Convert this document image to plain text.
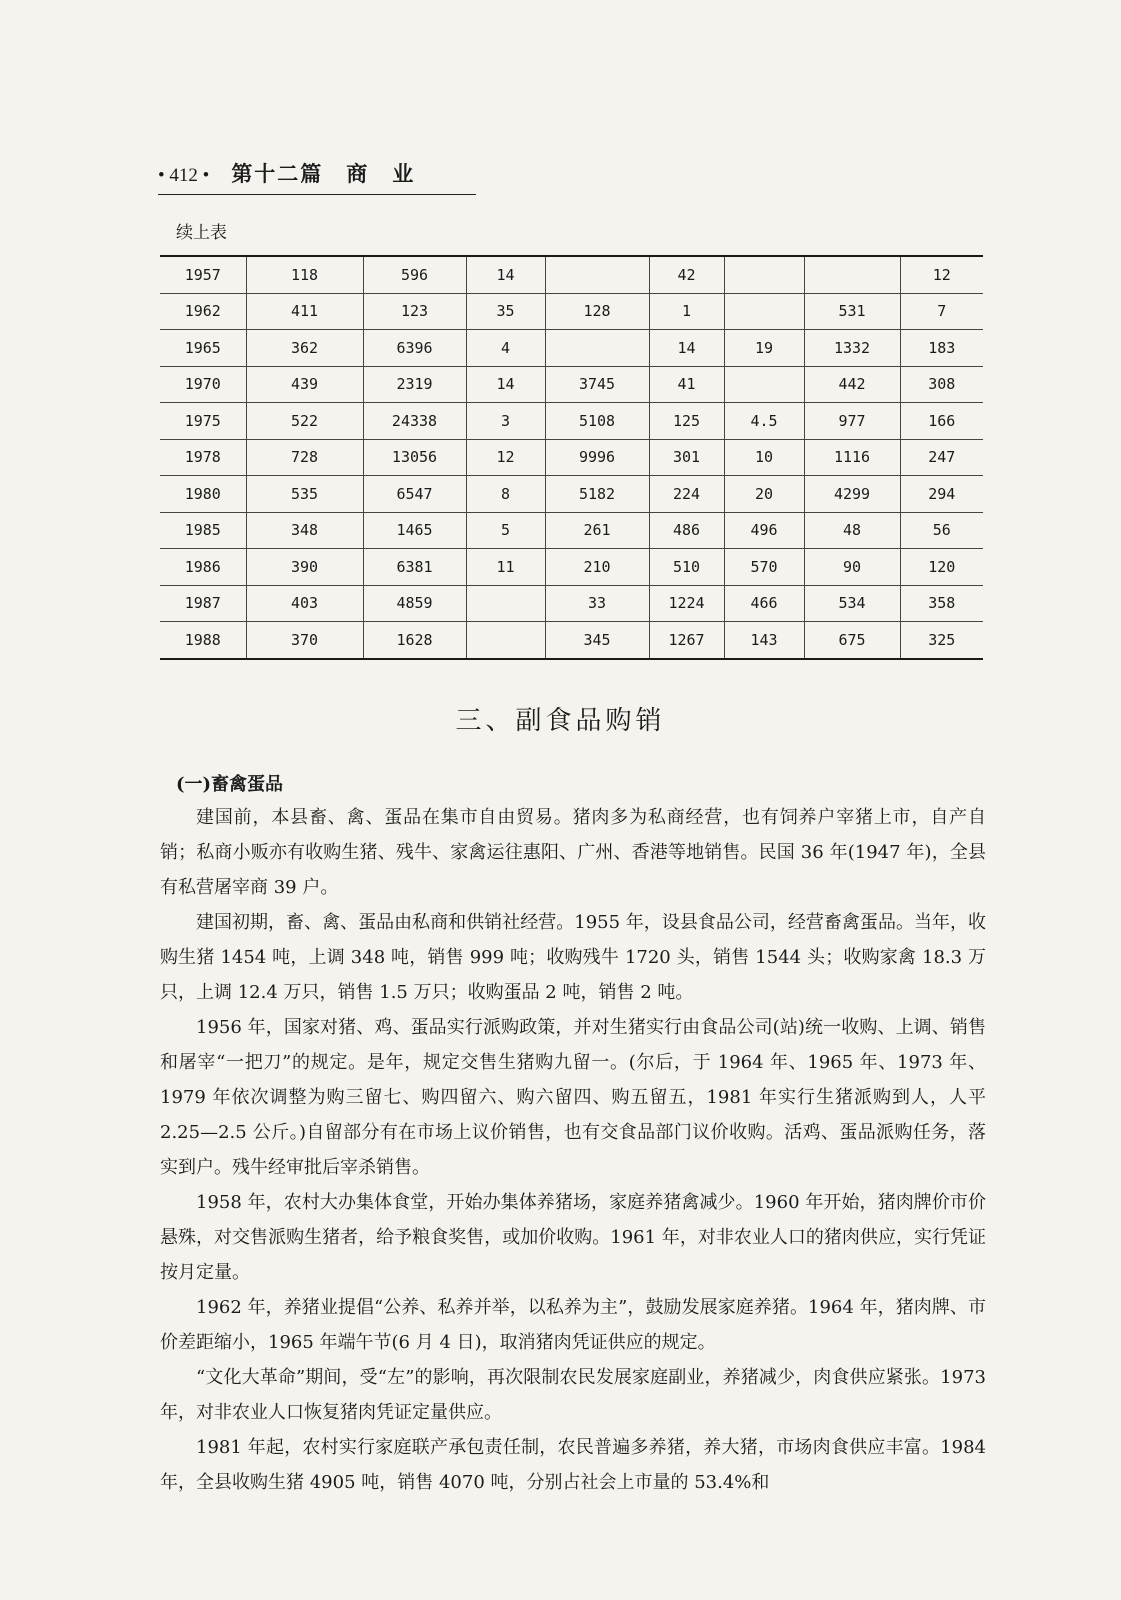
• 412 • 第十二篇　商　业
续上表
1957	118	596	14		42			12
1962	411	123	35	128	1		531	7
1965	362	6396	4		14	19	1332	183
1970	439	2319	14	3745	41		442	308
1975	522	24338	3	5108	125	4.5	977	166
1978	728	13056	12	9996	301	10	1116	247
1980	535	6547	8	5182	224	20	4299	294
1985	348	1465	5	261	486	496	48	56
1986	390	6381	11	210	510	570	90	120
1987	403	4859		33	1224	466	534	358
1988	370	1628		345	1267	143	675	325
三、副食品购销
(一)畜禽蛋品

建国前，本县畜、禽、蛋品在集市自由贸易。猪肉多为私商经营，也有饲养户宰猪上市，自产自销；私商小贩亦有收购生猪、残牛、家禽运往惠阳、广州、香港等地销售。民国 36 年(1947 年)，全县有私营屠宰商 39 户。

建国初期，畜、禽、蛋品由私商和供销社经营。1955 年，设县食品公司，经营畜禽蛋品。当年，收购生猪 1454 吨，上调 348 吨，销售 999 吨；收购残牛 1720 头，销售 1544 头；收购家禽 18.3 万只，上调 12.4 万只，销售 1.5 万只；收购蛋品 2 吨，销售 2 吨。

1956 年，国家对猪、鸡、蛋品实行派购政策，并对生猪实行由食品公司(站)统一收购、上调、销售和屠宰“一把刀”的规定。是年，规定交售生猪购九留一。(尔后，于 1964 年、1965 年、1973 年、1979 年依次调整为购三留七、购四留六、购六留四、购五留五，1981 年实行生猪派购到人，人平 2.25—2.5 公斤。)自留部分有在市场上议价销售，也有交食品部门议价收购。活鸡、蛋品派购任务，落实到户。残牛经审批后宰杀销售。

1958 年，农村大办集体食堂，开始办集体养猪场，家庭养猪禽减少。1960 年开始，猪肉牌价市价悬殊，对交售派购生猪者，给予粮食奖售，或加价收购。1961 年，对非农业人口的猪肉供应，实行凭证按月定量。

1962 年，养猪业提倡“公养、私养并举，以私养为主”，鼓励发展家庭养猪。1964 年，猪肉牌、市价差距缩小，1965 年端午节(6 月 4 日)，取消猪肉凭证供应的规定。

“文化大革命”期间，受“左”的影响，再次限制农民发展家庭副业，养猪减少，肉食供应紧张。1973 年，对非农业人口恢复猪肉凭证定量供应。

1981 年起，农村实行家庭联产承包责任制，农民普遍多养猪，养大猪，市场肉食供应丰富。1984 年，全县收购生猪 4905 吨，销售 4070 吨，分别占社会上市量的 53.4%和
